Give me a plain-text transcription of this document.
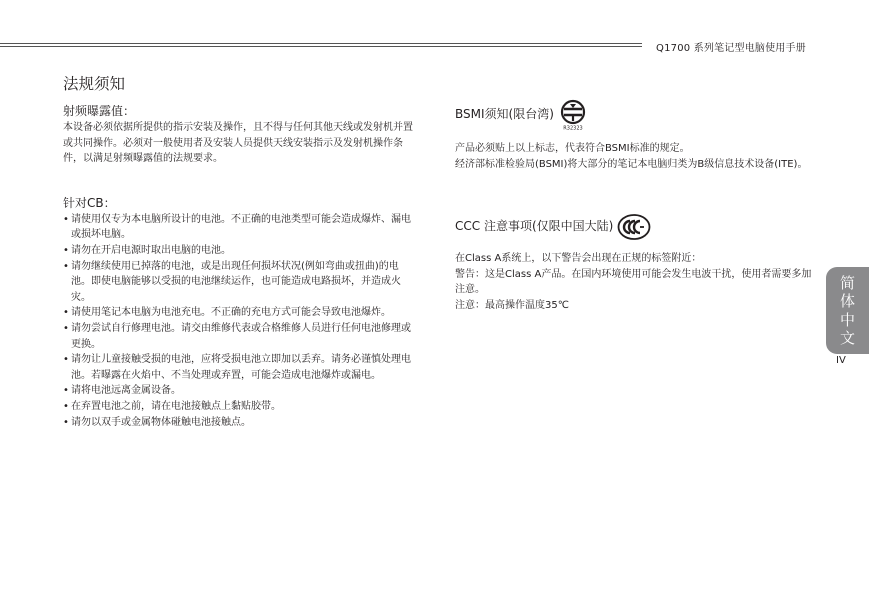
Q1700 系列笔记型电脑使用手册
法规须知

射频曝露值：

本设备必须依据所提供的指示安装及操作，且不得与任何其他天线或发射机并置或共同操作。必须对一般使用者及安装人员提供天线安装指示及发射机操作条件，以满足射频曝露值的法规要求。

针对CB：

• 请使用仅专为本电脑所设计的电池。不正确的电池类型可能会造成爆炸、漏电或损坏电脑。
• 请勿在开启电源时取出电脑的电池。
• 请勿继续使用已掉落的电池，或是出现任何损坏状况(例如弯曲或扭曲)的电池。即使电脑能够以受损的电池继续运作，也可能造成电路损坏，并造成火灾。
• 请使用笔记本电脑为电池充电。不正确的充电方式可能会导致电池爆炸。
• 请勿尝试自行修理电池。请交由维修代表或合格维修人员进行任何电池修理或更换。
• 请勿让儿童接触受损的电池，应将受损电池立即加以丢弃。请务必谨慎处理电池。若曝露在火焰中、不当处理或弃置，可能会造成电池爆炸或漏电。
• 请将电池远离金属设备。
• 在弃置电池之前，请在电池接触点上黏贴胶带。
• 请勿以双手或金属物体碰触电池接触点。
BSMI须知(限台湾)
R32323

产品必须贴上以上标志，代表符合BSMI标准的规定。

经济部标准检验局(BSMI)将大部分的笔记本电脑归类为B级信息技术设备(ITE)。

CCC 注意事项(仅限中国大陆)

在Class A系统上，以下警告会出现在正规的标签附近：

警告：这是Class A产品。在国内环境使用可能会发生电波干扰，使用者需要多加注意。

注意：最高操作温度35℃

简
体
中
文
IV
